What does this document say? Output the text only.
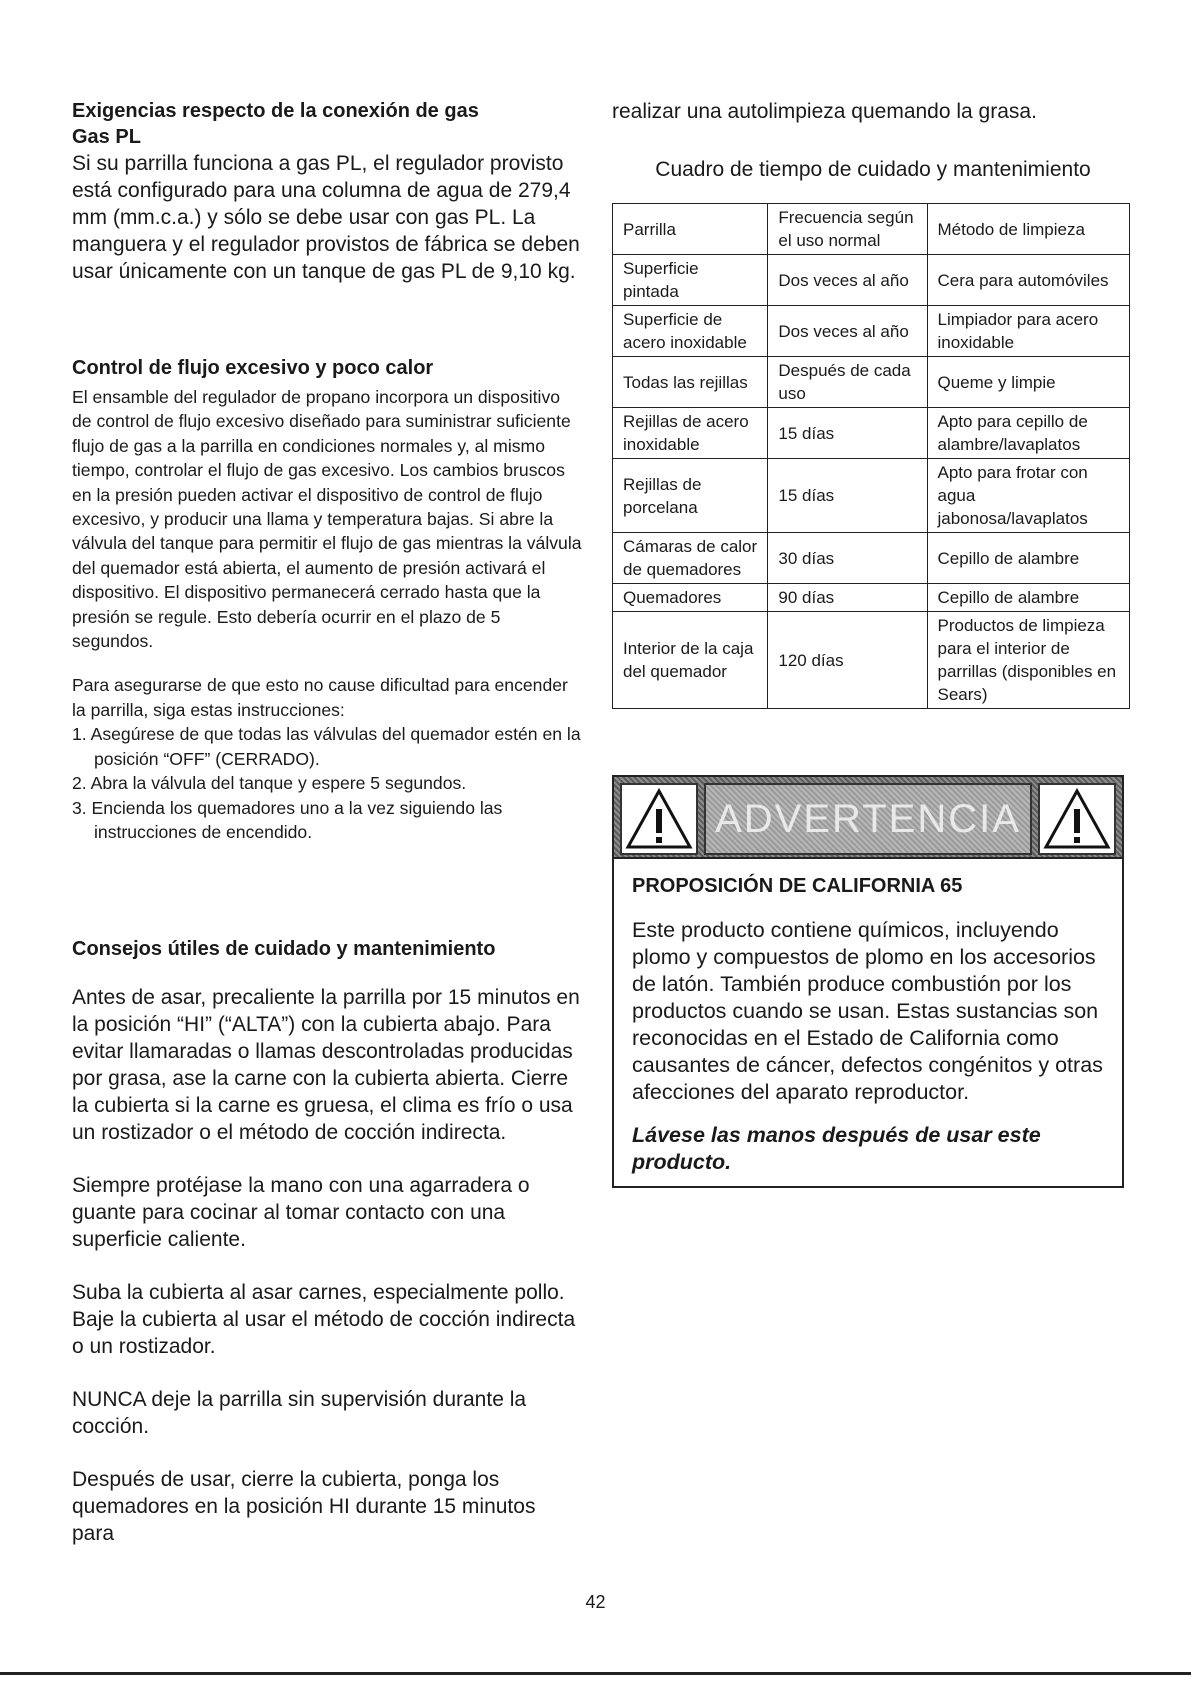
Exigencias respecto de la conexión de gas
Gas PL

Si su parrilla funciona a gas PL, el regulador provisto está configurado para una columna de agua de 279,4 mm (mm.c.a.) y sólo se debe usar con gas PL. La manguera y el regulador provistos de fábrica se deben usar únicamente con un tanque de gas PL de 9,10 kg.

Control de flujo excesivo y poco calor

El ensamble del regulador de propano incorpora un dispositivo de control de flujo excesivo diseñado para suministrar suficiente flujo de gas a la parrilla en condiciones normales y, al mismo tiempo, controlar el flujo de gas excesivo. Los cambios bruscos en la presión pueden activar el dispositivo de control de flujo excesivo, y producir una llama y temperatura bajas. Si abre la válvula del tanque para permitir el flujo de gas mientras la válvula del quemador está abierta, el aumento de presión activará el dispositivo. El dispositivo permanecerá cerrado hasta que la presión se regule. Esto debería ocurrir en el plazo de 5 segundos.

Para asegurarse de que esto no cause dificultad para encender la parrilla, siga estas instrucciones:

1. Asegúrese de que todas las válvulas del quemador estén en la posición “OFF” (CERRADO).
2. Abra la válvula del tanque y espere 5 segundos.
3. Encienda los quemadores uno a la vez siguiendo las instrucciones de encendido.
Consejos útiles de cuidado y mantenimiento

Antes de asar, precaliente la parrilla por 15 minutos en la posición “HI” (“ALTA”) con la cubierta abajo. Para evitar llamaradas o llamas descontroladas producidas por grasa, ase la carne con la cubierta abierta. Cierre la cubierta si la carne es gruesa, el clima es frío o usa un rostizador o el método de cocción indirecta.

Siempre protéjase la mano con una agarradera o guante para cocinar al tomar contacto con una superficie caliente.

Suba la cubierta al asar carnes, especialmente pollo. Baje la cubierta al usar el método de cocción indirecta o un rostizador.

NUNCA deje la parrilla sin supervisión durante la cocción.

Después de usar, cierre la cubierta, ponga los quemadores en la posición HI durante 15 minutos para

realizar una autolimpieza quemando la grasa.

Cuadro de tiempo de cuidado y mantenimiento

Parrilla	Frecuencia según el uso normal	Método de limpieza
Superficie pintada	Dos veces al año	Cera para automóviles
Superficie de acero inoxidable	Dos veces al año	Limpiador para acero inoxidable
Todas las rejillas	Después de cada uso	Queme y limpie
Rejillas de acero inoxidable	15 días	Apto para cepillo de alambre/lavaplatos
Rejillas de porcelana	15 días	Apto para frotar con agua jabonosa/lavaplatos
Cámaras de calor de quemadores	30 días	Cepillo de alambre
Quemadores	90 días	Cepillo de alambre
Interior de la caja del quemador	120 días	Productos de limpieza para el interior de parrillas (disponibles en Sears)
ADVERTENCIA

PROPOSICIÓN DE CALIFORNIA 65

Este producto contiene químicos, incluyendo plomo y compuestos de plomo en los accesorios de latón. También produce combustión por los productos cuando se usan. Estas sustancias son reconocidas en el Estado de California como causantes de cáncer, defectos congénitos y otras afecciones del aparato reproductor.

Lávese las manos después de usar este producto.

42
